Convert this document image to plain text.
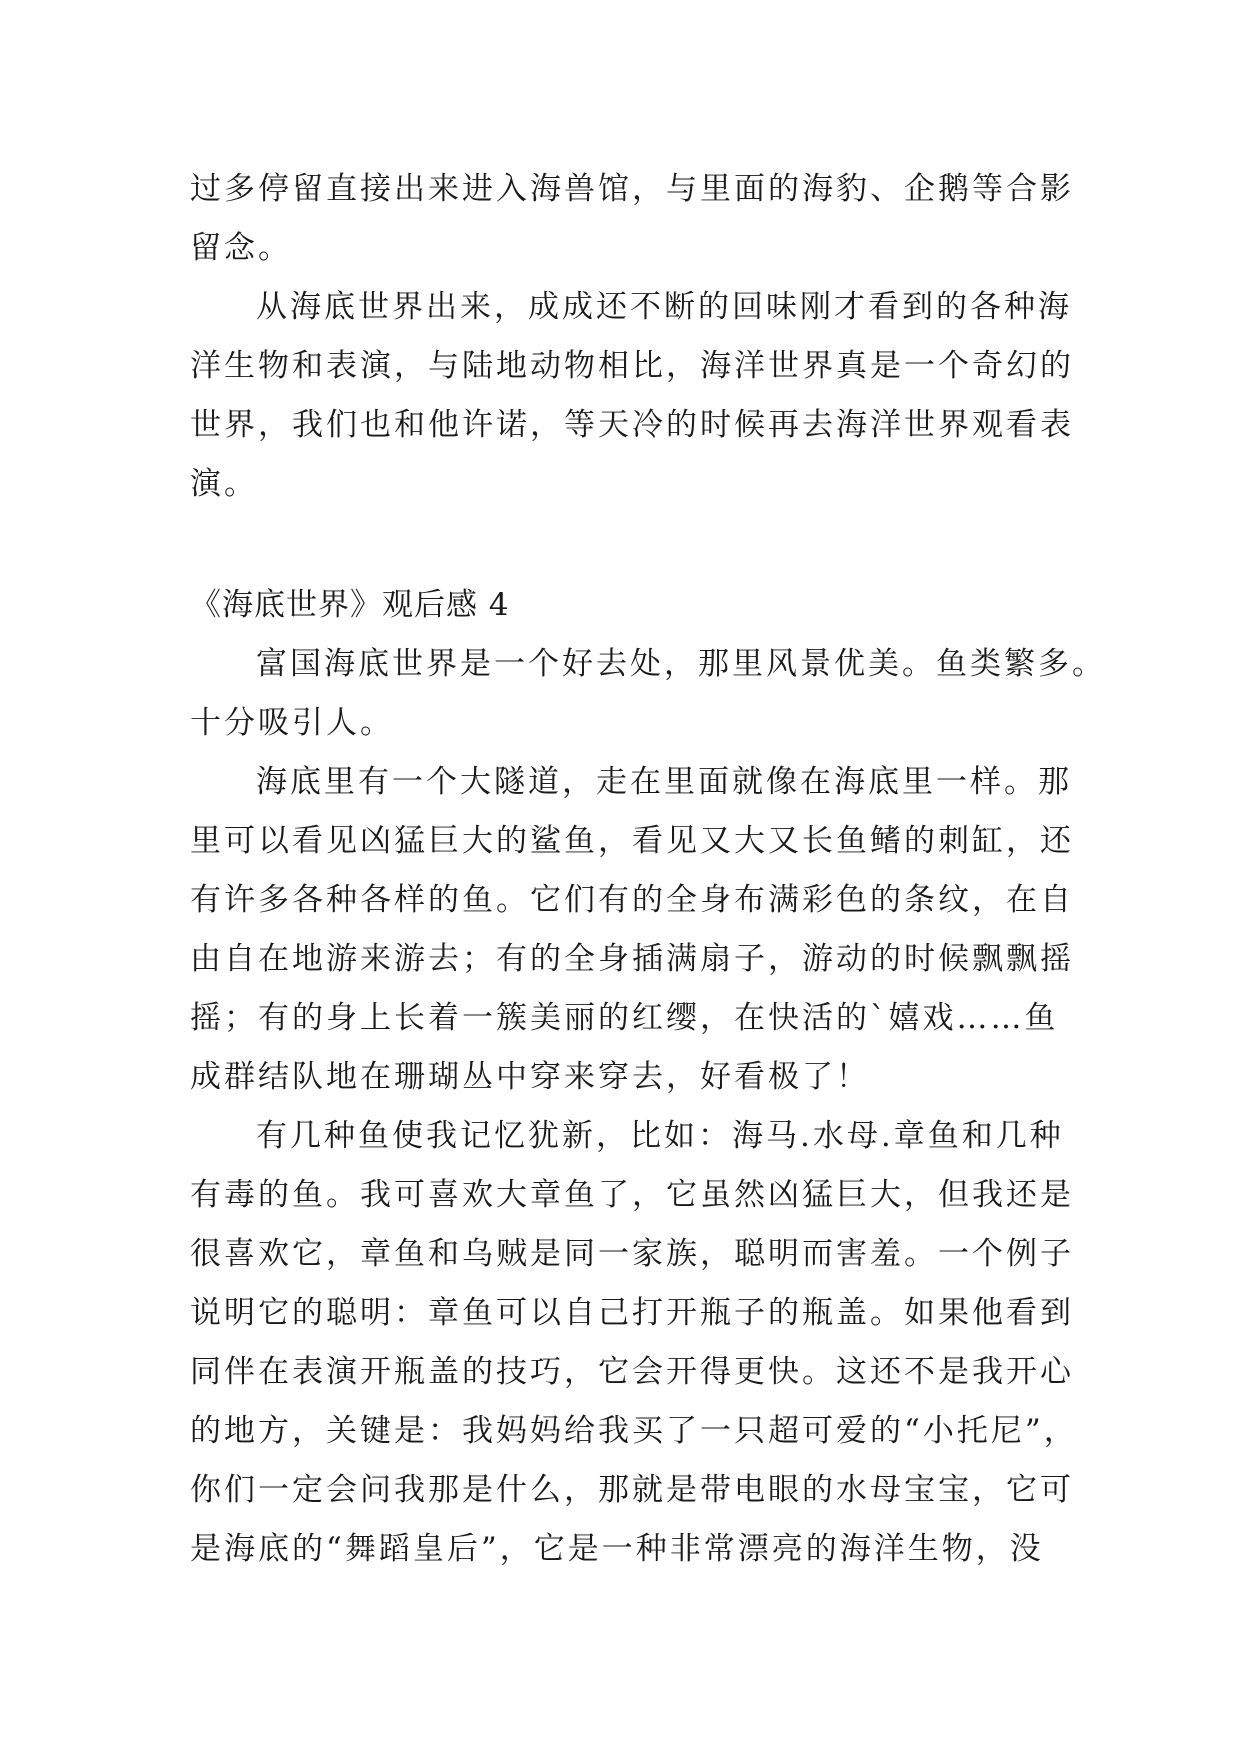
过多停留直接出来进入海兽馆，与里面的海豹、企鹅等合影
留念。
从海底世界出来，成成还不断的回味刚才看到的各种海
洋生物和表演，与陆地动物相比，海洋世界真是一个奇幻的
世界，我们也和他许诺，等天冷的时候再去海洋世界观看表
演。
《海底世界》观后感 4
富国海底世界是一个好去处，那里风景优美。鱼类繁多。
十分吸引人。
海底里有一个大隧道，走在里面就像在海底里一样。那
里可以看见凶猛巨大的鲨鱼，看见又大又长鱼鳍的刺缸，还
有许多各种各样的鱼。它们有的全身布满彩色的条纹，在自
由自在地游来游去；有的全身插满扇子，游动的时候飘飘摇
摇；有的身上长着一簇美丽的红缨，在快活的`嬉戏……鱼
成群结队地在珊瑚丛中穿来穿去，好看极了！
有几种鱼使我记忆犹新，比如：海马.水母.章鱼和几种
有毒的鱼。我可喜欢大章鱼了，它虽然凶猛巨大，但我还是
很喜欢它，章鱼和乌贼是同一家族，聪明而害羞。一个例子
说明它的聪明：章鱼可以自己打开瓶子的瓶盖。如果他看到
同伴在表演开瓶盖的技巧，它会开得更快。这还不是我开心
的地方，关键是：我妈妈给我买了一只超可爱的“小托尼”，
你们一定会问我那是什么，那就是带电眼的水母宝宝，它可
是海底的“舞蹈皇后”，它是一种非常漂亮的海洋生物，没
